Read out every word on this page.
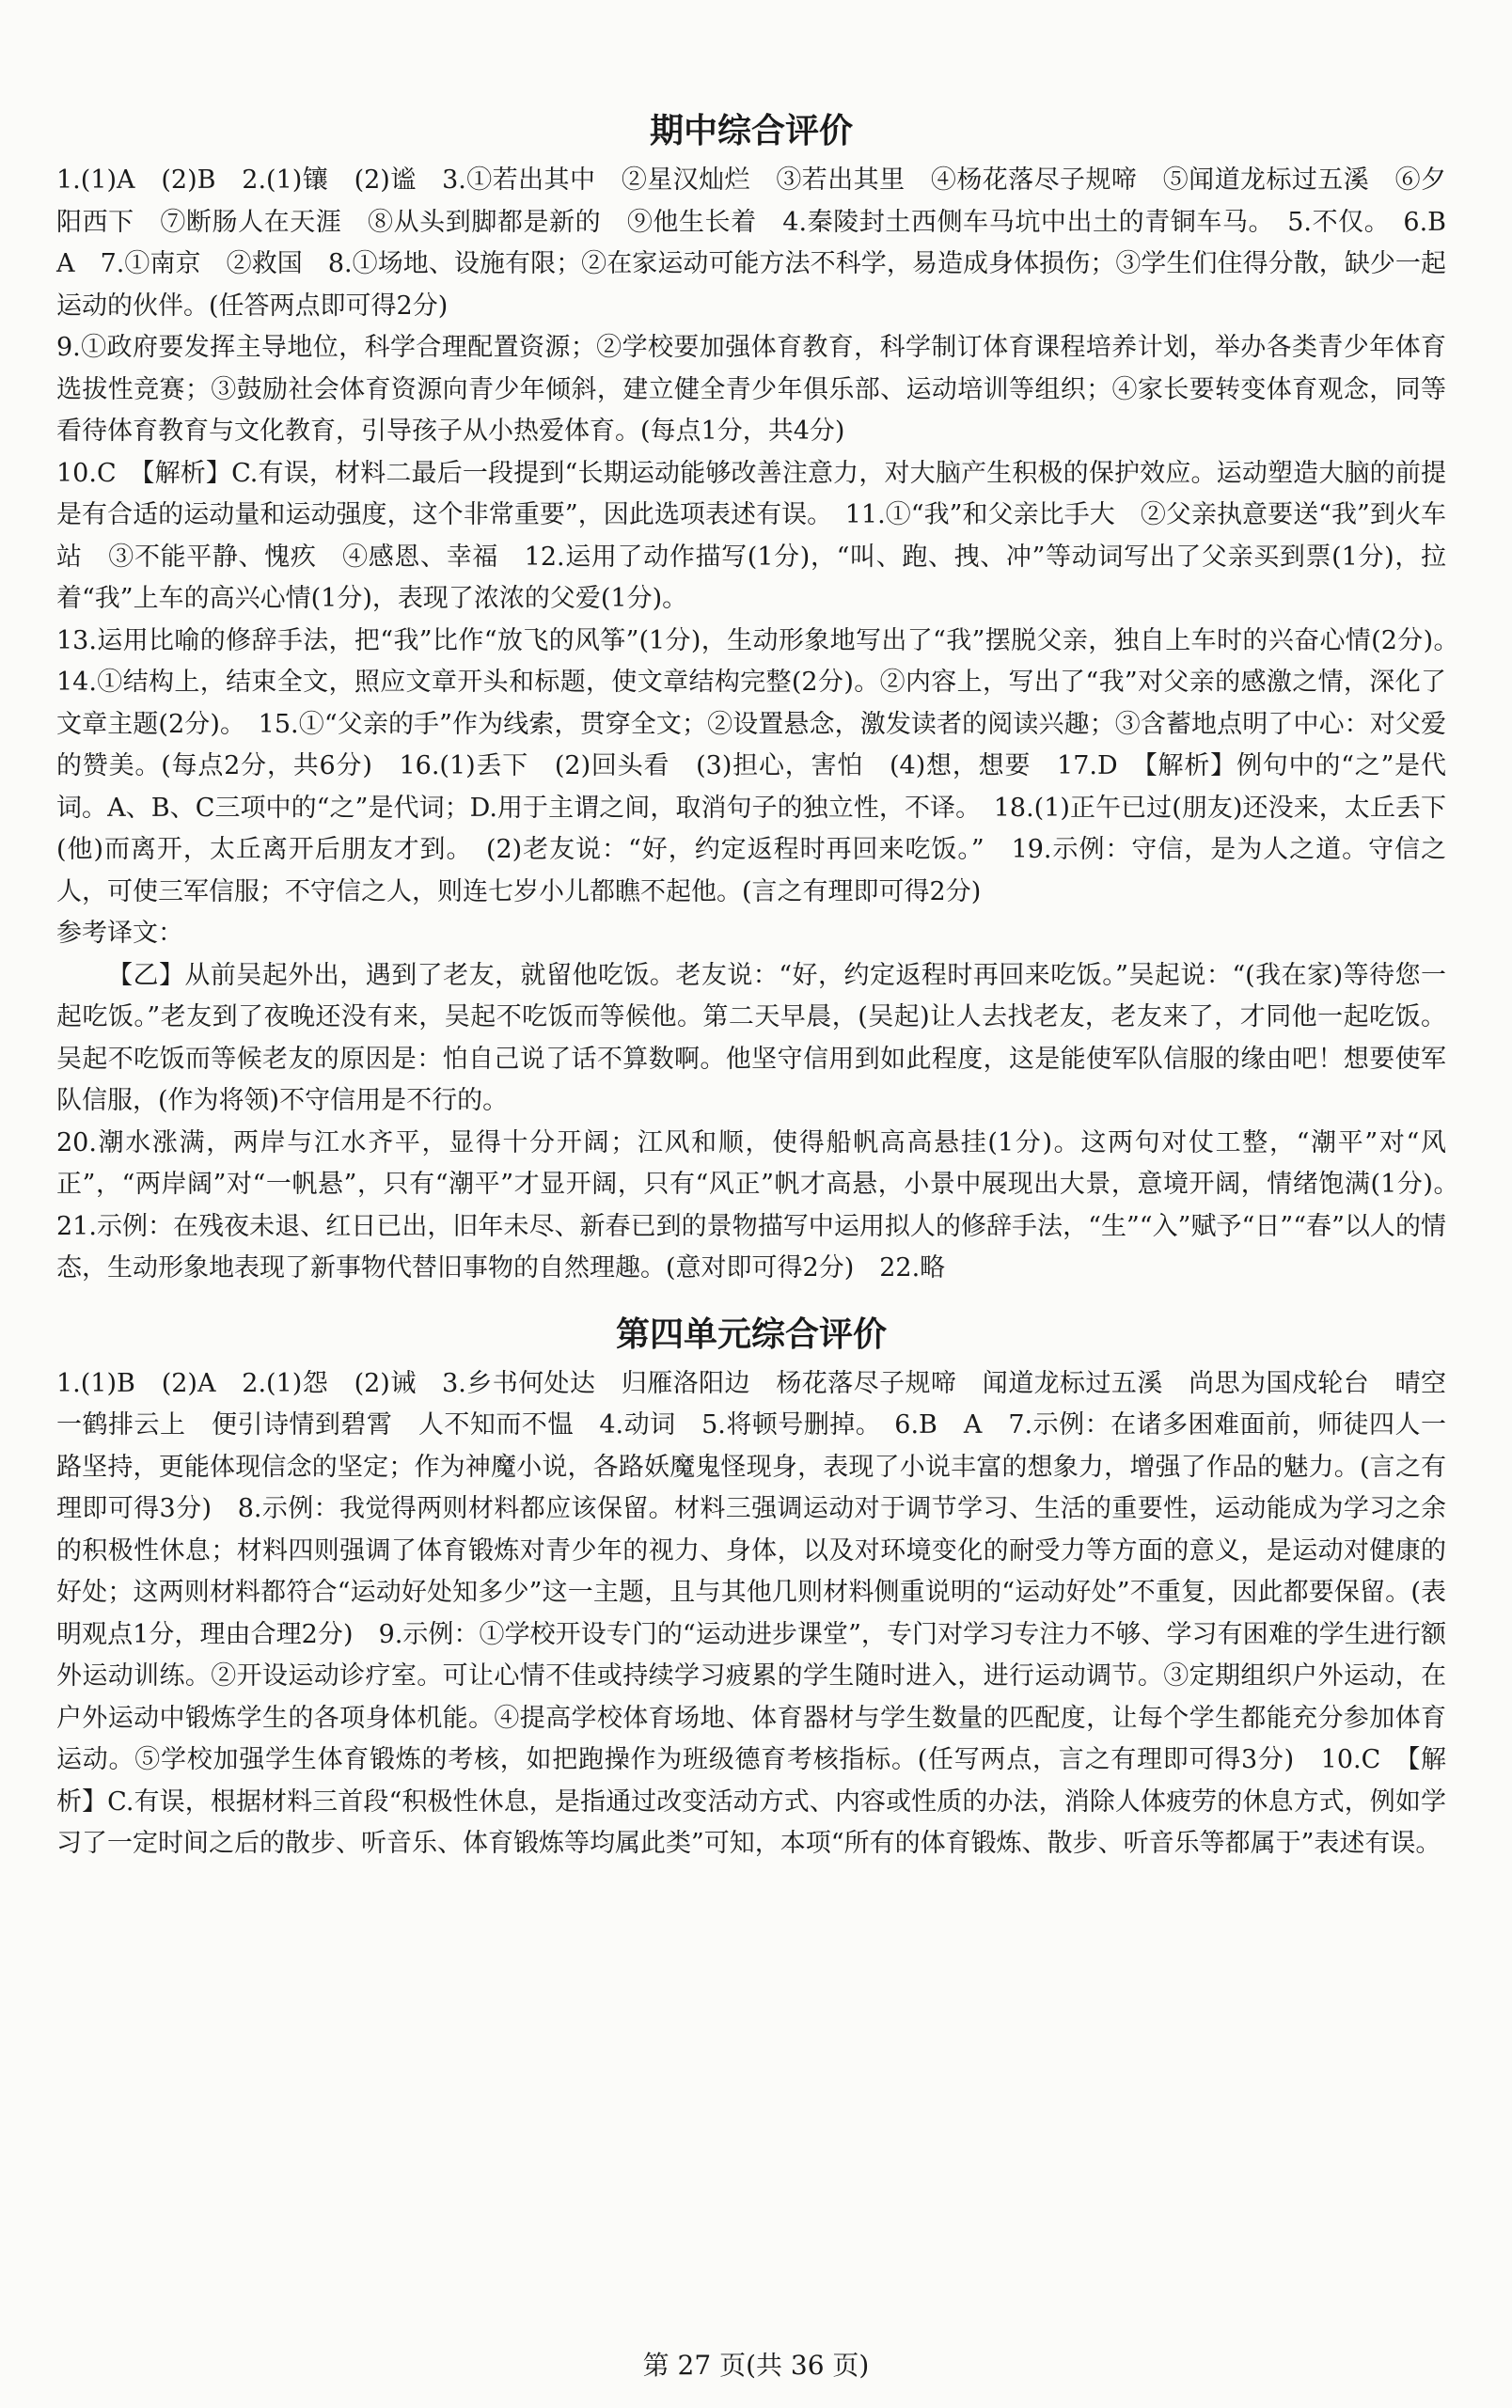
期中综合评价

1.(1)A　(2)B　2.(1)镶　(2)谧　3.①若出其中　②星汉灿烂　③若出其里　④杨花落尽子规啼　⑤闻道龙标过五溪　⑥夕阳西下　⑦断肠人在天涯　⑧从头到脚都是新的　⑨他生长着　4.秦陵封土西侧车马坑中出土的青铜车马。　5.不仅。　6.B　A　7.①南京　②救国　8.①场地、设施有限；②在家运动可能方法不科学，易造成身体损伤；③学生们住得分散，缺少一起运动的伙伴。(任答两点即可得2分)

9.①政府要发挥主导地位，科学合理配置资源；②学校要加强体育教育，科学制订体育课程培养计划，举办各类青少年体育选拔性竞赛；③鼓励社会体育资源向青少年倾斜，建立健全青少年俱乐部、运动培训等组织；④家长要转变体育观念，同等看待体育教育与文化教育，引导孩子从小热爱体育。(每点1分，共4分)

10.C　【解析】C.有误，材料二最后一段提到“长期运动能够改善注意力，对大脑产生积极的保护效应。运动塑造大脑的前提是有合适的运动量和运动强度，这个非常重要”，因此选项表述有误。　11.①“我”和父亲比手大　②父亲执意要送“我”到火车站　③不能平静、愧疚　④感恩、幸福　12.运用了动作描写(1分)，“叫、跑、拽、冲”等动词写出了父亲买到票(1分)，拉着“我”上车的高兴心情(1分)，表现了浓浓的父爱(1分)。

13.运用比喻的修辞手法，把“我”比作“放飞的风筝”(1分)，生动形象地写出了“我”摆脱父亲，独自上车时的兴奋心情(2分)。　14.①结构上，结束全文，照应文章开头和标题，使文章结构完整(2分)。②内容上，写出了“我”对父亲的感激之情，深化了文章主题(2分)。　15.①“父亲的手”作为线索，贯穿全文；②设置悬念，激发读者的阅读兴趣；③含蓄地点明了中心：对父爱的赞美。(每点2分，共6分)　16.(1)丢下　(2)回头看　(3)担心，害怕　(4)想，想要　17.D　【解析】例句中的“之”是代词。A、B、C三项中的“之”是代词；D.用于主谓之间，取消句子的独立性，不译。　18.(1)正午已过(朋友)还没来，太丘丢下(他)而离开，太丘离开后朋友才到。　(2)老友说：“好，约定返程时再回来吃饭。”　19.示例：守信，是为人之道。守信之人，可使三军信服；不守信之人，则连七岁小儿都瞧不起他。(言之有理即可得2分)

参考译文：

【乙】从前吴起外出，遇到了老友，就留他吃饭。老友说：“好，约定返程时再回来吃饭。”吴起说：“(我在家)等待您一起吃饭。”老友到了夜晚还没有来，吴起不吃饭而等候他。第二天早晨，(吴起)让人去找老友，老友来了，才同他一起吃饭。吴起不吃饭而等候老友的原因是：怕自己说了话不算数啊。他坚守信用到如此程度，这是能使军队信服的缘由吧！想要使军队信服，(作为将领)不守信用是不行的。

20.潮水涨满，两岸与江水齐平，显得十分开阔；江风和顺，使得船帆高高悬挂(1分)。这两句对仗工整，“潮平”对“风正”，“两岸阔”对“一帆悬”，只有“潮平”才显开阔，只有“风正”帆才高悬，小景中展现出大景，意境开阔，情绪饱满(1分)。　21.示例：在残夜未退、红日已出，旧年未尽、新春已到的景物描写中运用拟人的修辞手法，“生”“入”赋予“日”“春”以人的情态，生动形象地表现了新事物代替旧事物的自然理趣。(意对即可得2分)　22.略

第四单元综合评价

1.(1)B　(2)A　2.(1)怨　(2)诫　3.乡书何处达　归雁洛阳边　杨花落尽子规啼　闻道龙标过五溪　尚思为国戍轮台　晴空一鹤排云上　便引诗情到碧霄　人不知而不愠　4.动词　5.将顿号删掉。　6.B　A　7.示例：在诸多困难面前，师徒四人一路坚持，更能体现信念的坚定；作为神魔小说，各路妖魔鬼怪现身，表现了小说丰富的想象力，增强了作品的魅力。(言之有理即可得3分)　8.示例：我觉得两则材料都应该保留。材料三强调运动对于调节学习、生活的重要性，运动能成为学习之余的积极性休息；材料四则强调了体育锻炼对青少年的视力、身体，以及对环境变化的耐受力等方面的意义，是运动对健康的好处；这两则材料都符合“运动好处知多少”这一主题，且与其他几则材料侧重说明的“运动好处”不重复，因此都要保留。(表明观点1分，理由合理2分)　9.示例：①学校开设专门的“运动进步课堂”，专门对学习专注力不够、学习有困难的学生进行额外运动训练。②开设运动诊疗室。可让心情不佳或持续学习疲累的学生随时进入，进行运动调节。③定期组织户外运动，在户外运动中锻炼学生的各项身体机能。④提高学校体育场地、体育器材与学生数量的匹配度，让每个学生都能充分参加体育运动。⑤学校加强学生体育锻炼的考核，如把跑操作为班级德育考核指标。(任写两点，言之有理即可得3分)　10.C　【解析】C.有误，根据材料三首段“积极性休息，是指通过改变活动方式、内容或性质的办法，消除人体疲劳的休息方式，例如学习了一定时间之后的散步、听音乐、体育锻炼等均属此类”可知，本项“所有的体育锻炼、散步、听音乐等都属于”表述有误。

第 27 页(共 36 页)
